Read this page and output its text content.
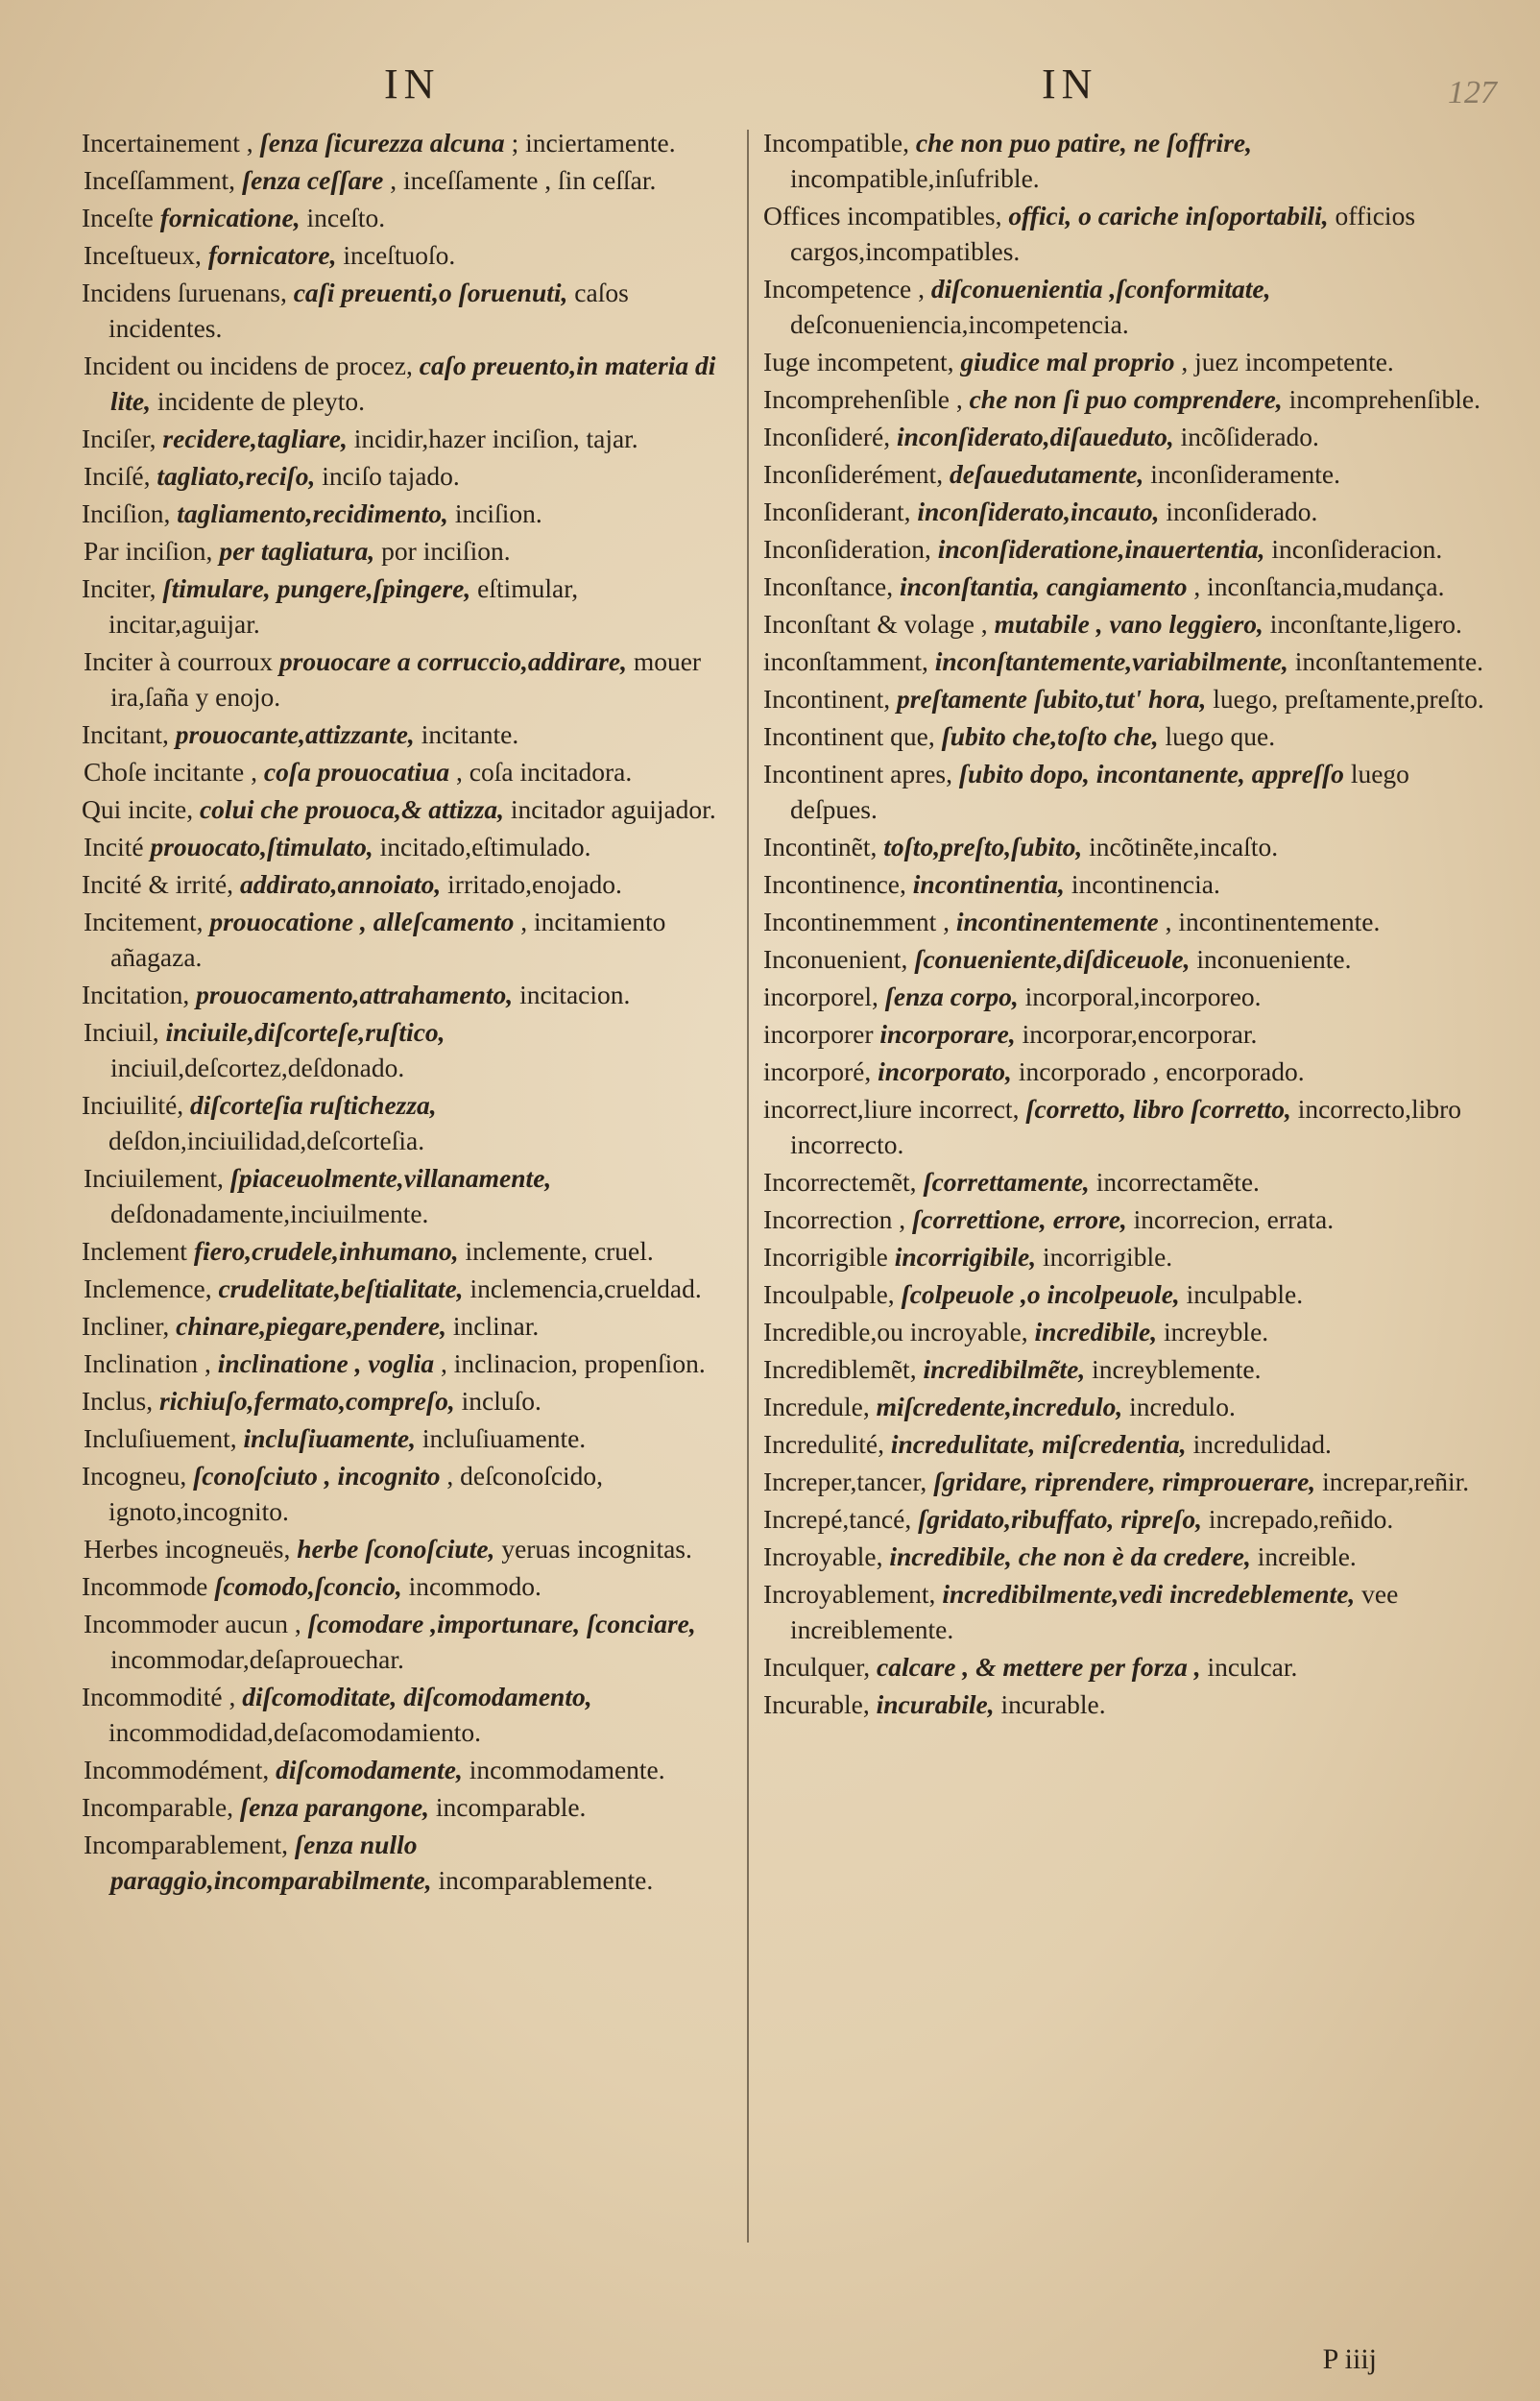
IN	IN	127
Incertainement , ſenza ſicurezza alcuna ; inciertamente.
Inceſſamment, ſenza ceſſare , inceſſamente , ſin ceſſar.
Inceſte fornicatione, inceſto.
Inceſtueux, fornicatore, inceſtuoſo.
Incidens ſuruenans, caſi preuenti,o ſoruenuti, caſos incidentes.
Incident ou incidens de procez, caſo preuento,in materia di lite, incidente de pleyto.
Inciſer, recidere,tagliare, incidir,hazer inciſion, tajar.
Inciſé, tagliato,reciſo, inciſo tajado.
Inciſion, tagliamento,recidimento, inciſion.
Par inciſion, per tagliatura, por inciſion.
Inciter, ſtimulare, pungere,ſpingere, eſtimular, incitar,aguijar.
Inciter à courroux prouocare a corruccio,addirare, mouer ira,ſaña y enojo.
Incitant, prouocante,attizzante, incitante.
Choſe incitante , coſa prouocatiua , coſa incitadora.
Qui incite, colui che prouoca,& attizza, incitador aguijador.
Incité prouocato,ſtimulato, incitado,eſtimulado.
Incité & irrité, addirato,annoiato, irritado,enojado.
Incitement, prouocatione , alleſcamento , incitamiento añagaza.
Incitation, prouocamento,attrahamento, incitacion.
Inciuil, inciuile,diſcorteſe,ruſtico, inciuil,deſcortez,deſdonado.
Inciuilité, diſcorteſia ruſtichezza, deſdon,inciuilidad,deſcorteſia.
Inciuilement, ſpiaceuolmente,villanamente, deſdonadamente,inciuilmente.
Inclement fiero,crudele,inhumano, inclemente, cruel.
Inclemence, crudelitate,beſtialitate, inclemencia,crueldad.
Incliner, chinare,piegare,pendere, inclinar.
Inclination , inclinatione , voglia , inclinacion, propenſion.
Inclus, richiuſo,fermato,compreſo, incluſo.
Incluſiuement, incluſiuamente, incluſiuamente.
Incogneu, ſconoſciuto , incognito , deſconoſcido, ignoto,incognito.
Herbes incogneuës, herbe ſconoſciute, yeruas incognitas.
Incommode ſcomodo,ſconcio, incommodo.
Incommoder aucun , ſcomodare ,importunare, ſconciare, incommodar,deſaprouechar.
Incommodité , diſcomoditate, diſcomodamento, incommodidad,deſacomodamiento.
Incommodément, diſcomodamente, incommodamente.
Incomparable, ſenza parangone, incomparable.
Incomparablement, ſenza nullo paraggio,incomparabilmente, incomparablemente.
Incompatible, che non puo patire, ne ſoffrire, incompatible,inſufrible.
Offices incompatibles, offici, o cariche inſoportabili, officios cargos,incompatibles.
Incompetence , diſconuenientia ,ſconformitate, deſconueniencia,incompetencia.
Iuge incompetent, giudice mal proprio , juez incompetente.
Incomprehenſible , che non ſi puo comprendere, incomprehenſible.
Inconſideré, inconſiderato,diſaueduto, incõſiderado.
Inconſiderément, deſauedutamente, inconſideramente.
Inconſiderant, inconſiderato,incauto, inconſiderado.
Inconſideration, inconſideratione,inauertentia, inconſideracion.
Inconſtance, inconſtantia, cangiamento , inconſtancia,mudança.
Inconſtant & volage , mutabile , vano leggiero, inconſtante,ligero.
inconſtamment, inconſtantemente,variabilmente, inconſtantemente.
Incontinent, preſtamente ſubito,tut' hora, luego, preſtamente,preſto.
Incontinent que, ſubito che,toſto che, luego que.
Incontinent apres, ſubito dopo, incontanente, appreſſo luego deſpues.
Incontinẽt, toſto,preſto,ſubito, incõtinẽte,incaſto.
Incontinence, incontinentia, incontinencia.
Incontinemment , incontinentemente , incontinentemente.
Inconuenient, ſconueniente,diſdiceuole, inconueniente.
incorporel, ſenza corpo, incorporal,incorporeo.
incorporer incorporare, incorporar,encorporar.
incorporé, incorporato, incorporado , encorporado.
incorrect,liure incorrect, ſcorretto, libro ſcorretto, incorrecto,libro incorrecto.
Incorrectemẽt, ſcorrettamente, incorrectamẽte.
Incorrection , ſcorrettione, errore, incorrecion, errata.
Incorrigible incorrigibile, incorrigible.
Incoulpable, ſcolpeuole ,o incolpeuole, inculpable.
Incredible,ou incroyable, incredibile, increyble.
Incrediblemẽt, incredibilmẽte, increyblemente.
Incredule, miſcredente,incredulo, incredulo.
Incredulité, incredulitate, miſcredentia, incredulidad.
Increper,tancer, ſgridare, riprendere, rimprouerare, increpar,reñir.
Increpé,tancé, ſgridato,ribuffato, ripreſo, increpado,reñido.
Incroyable, incredibile, che non è da credere, increible.
Incroyablement, incredibilmente,vedi incredeblemente, vee increiblemente.
Inculquer, calcare , & mettere per forza , inculcar.
Incurable, incurabile, incurable.
P iiij
